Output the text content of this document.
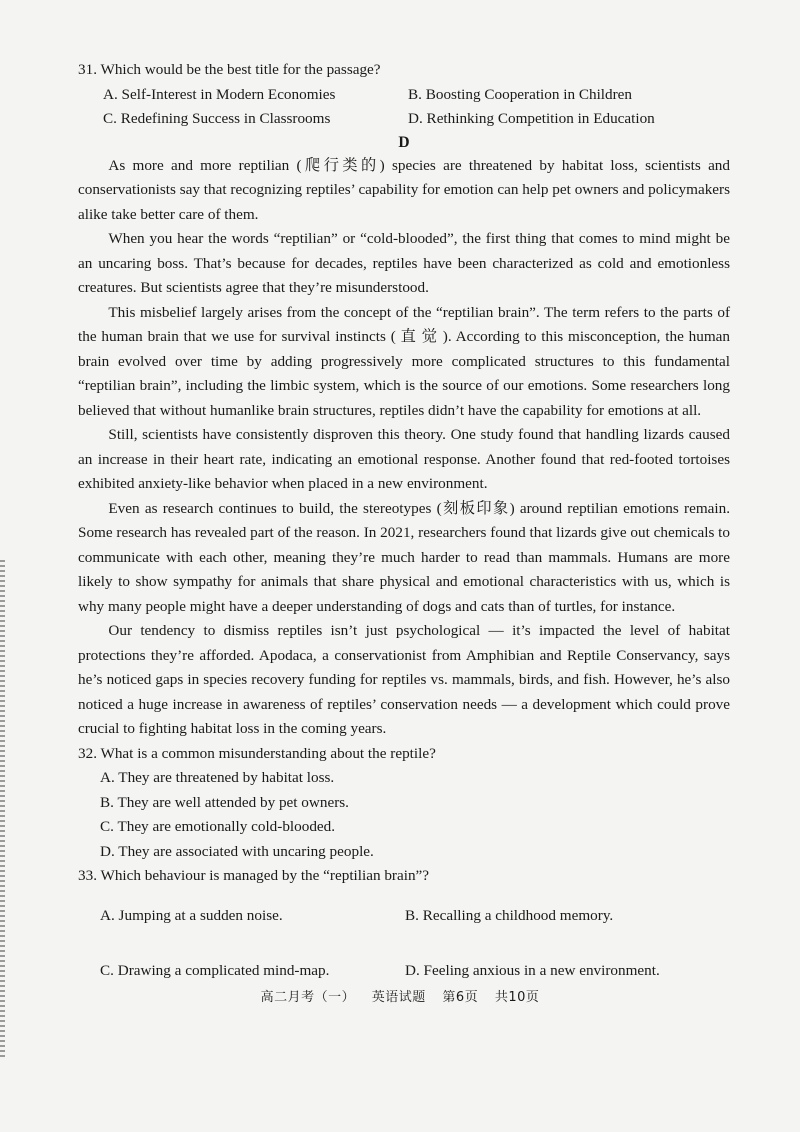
31. Which would be the best title for the passage?

A. Self-Interest in Modern Economies	B. Boosting Cooperation in Children

C. Redefining Success in Classrooms	D. Rethinking Competition in Education

D

As more and more reptilian (爬行类的) species are threatened by habitat loss, scientists and conservationists say that recognizing reptiles’ capability for emotion can help pet owners and policymakers alike take better care of them.

When you hear the words “reptilian” or “cold-blooded”, the first thing that comes to mind might be an uncaring boss. That’s because for decades, reptiles have been characterized as cold and emotionless creatures. But scientists agree that they’re misunderstood.

This misbelief largely arises from the concept of the “reptilian brain”. The term refers to the parts of the human brain that we use for survival instincts ( 直 觉 ). According to this misconception, the human brain evolved over time by adding progressively more complicated structures to this fundamental “reptilian brain”, including the limbic system, which is the source of our emotions. Some researchers long believed that without humanlike brain structures, reptiles didn’t have the capability for emotions at all.

Still, scientists have consistently disproven this theory. One study found that handling lizards caused an increase in their heart rate, indicating an emotional response. Another found that red-footed tortoises exhibited anxiety-like behavior when placed in a new environment.

Even as research continues to build, the stereotypes (刻板印象) around reptilian emotions remain. Some research has revealed part of the reason. In 2021, researchers found that lizards give out chemicals to communicate with each other, meaning they’re much harder to read than mammals. Humans are more likely to show sympathy for animals that share physical and emotional characteristics with us, which is why many people might have a deeper understanding of dogs and cats than of turtles, for instance.

Our tendency to dismiss reptiles isn’t just psychological — it’s impacted the level of habitat protections they’re afforded. Apodaca, a conservationist from Amphibian and Reptile Conservancy, says he’s noticed gaps in species recovery funding for reptiles vs. mammals, birds, and fish. However, he’s also noticed a huge increase in awareness of reptiles’ conservation needs — a development which could prove crucial to fighting habitat loss in the coming years.

32. What is a common misunderstanding about the reptile?

A. They are threatened by habitat loss.

B. They are well attended by pet owners.

C. They are emotionally cold-blooded.

D. They are associated with uncaring people.

33. Which behaviour is managed by the “reptilian brain”?

A. Jumping at a sudden noise.	B. Recalling a childhood memory.

C. Drawing a complicated mind-map.	D. Feeling anxious in a new environment.

高二月考（一） 英语试题 第6页 共10页
